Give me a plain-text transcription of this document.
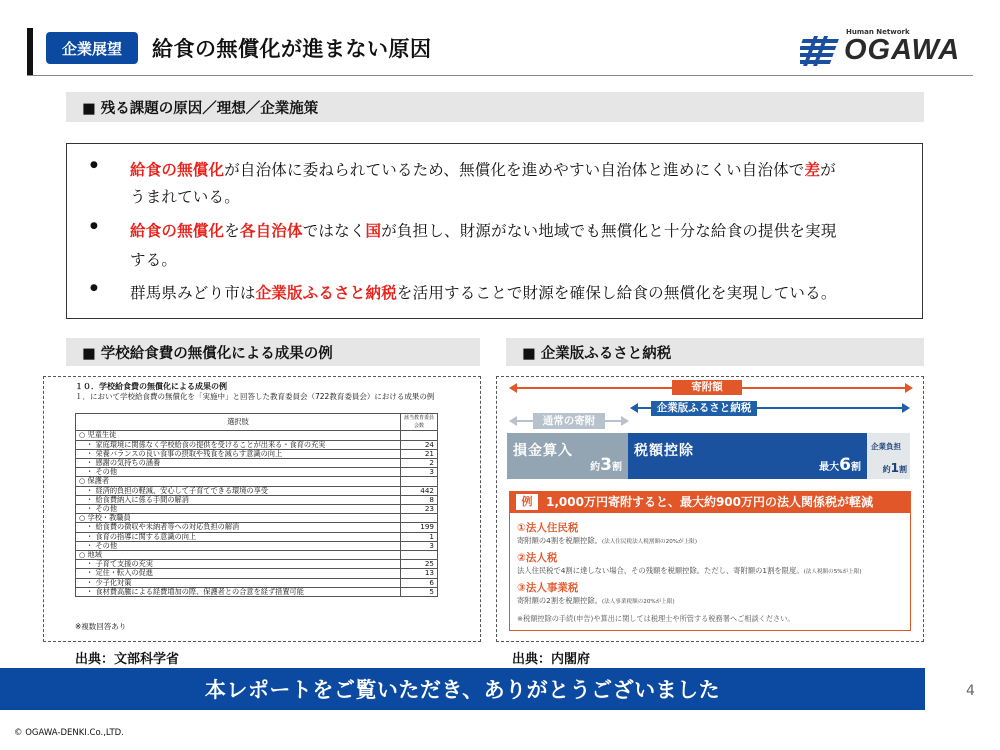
企業展望	給食の無償化が進まない原因
Human Network
OGAWA
■ 残る課題の原因／理想／企業施策
● 給食の無償化が自治体に委ねられているため、無償化を進めやすい自治体と進めにくい自治体で差が
うまれている。
● 給食の無償化を各自治体ではなく国が負担し、財源がない地域でも無償化と十分な給食の提供を実現
する。
● 群馬県みどり市は企業版ふるさと納税を活用することで財源を確保し給食の無償化を実現している。
■ 学校給食費の無償化による成果の例
１０．学校給食費の無償化による成果の例
１．において学校給食費の無償化を「実施中」と回答した教育委員会（722教育委員会）における成果の例
選択肢	該当教育委員会数
○ 児童生徒	
・ 家庭環境に関係なく学校給食の提供を受けることが出来る・食育の充実	24
・ 栄養バランスの良い食事の摂取や残食を減らす意識の向上	21
・ 感謝の気持ちの涵養	2
・ その他	3
○ 保護者	
・ 経済的負担の軽減、安心して子育てできる環境の享受	442
・ 給食費納入に係る手間の解消	8
・ その他	23
○ 学校・教職員	
・ 給食費の徴収や未納者等への対応負担の解消	199
・ 食育の指導に関する意識の向上	1
・ その他	3
○ 地域	
・ 子育て支援の充実	25
・ 定住・転入の促進	13
・ 少子化対策	6
・ 食材費高騰による経費増加の際、保護者との合意を経ず措置可能	5
※複数回答あり
出典：文部科学省
■ 企業版ふるさと納税
寄附額
企業版ふるさと納税
通常の寄附
損金算入
約3割
税額控除
最大6割
企業負担
約1割
例	1,000万円寄附すると、最大約900万円の法人関係税が軽減
①法人住民税
寄附額の4割を税額控除。(法人住民税法人税割額の20%が上限)
②法人税
法人住民税で4割に達しない場合、その残額を税額控除。ただし、寄附額の1割を限度。(法人税額の5%が上限)
③法人事業税
寄附額の2割を税額控除。(法人事業税額の20%が上限)
※税額控除の手続(申告)や算出に関しては税理士や所管する税務署へご相談ください。
出典：内閣府
本レポートをご覧いただき、ありがとうございました	4
© OGAWA-DENKI.Co.,LTD.
